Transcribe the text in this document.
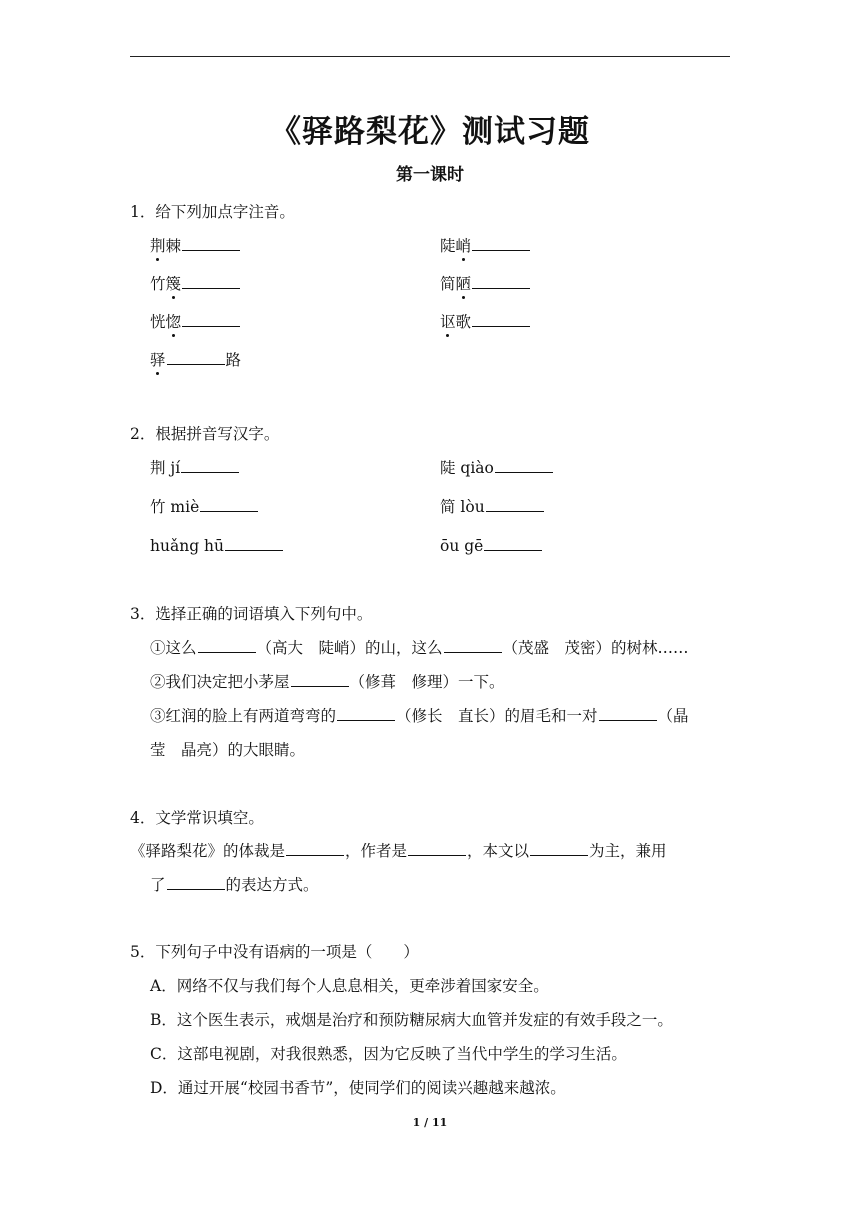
《驿路梨花》测试习题
第一课时
1．给下列加点字注音。
荆棘	陡峭
竹篾	简陋
恍惚	讴歌
驿	路
2．根据拼音写汉字。
荆 jí	陡 qiào
竹 miè	简 lòu
huǎng hū	ōu gē
3．选择正确的词语填入下列句中。
①这么	（高大　陡峭）的山，这么	（茂盛　茂密）的树林……
②我们决定把小茅屋	（修葺　修理）一下。
③红润的脸上有两道弯弯的	（修长　直长）的眉毛和一对	（晶
莹　晶亮）的大眼睛。
4．文学常识填空。
《驿路梨花》的体裁是	，作者是	，本文以	为主，兼用
了	的表达方式。
5．下列句子中没有语病的一项是（　　）
A．网络不仅与我们每个人息息相关，更牵涉着国家安全。
B．这个医生表示，戒烟是治疗和预防糖尿病大血管并发症的有效手段之一。
C．这部电视剧，对我很熟悉，因为它反映了当代中学生的学习生活。
D．通过开展“校园书香节”，使同学们的阅读兴趣越来越浓。
1 / 11
